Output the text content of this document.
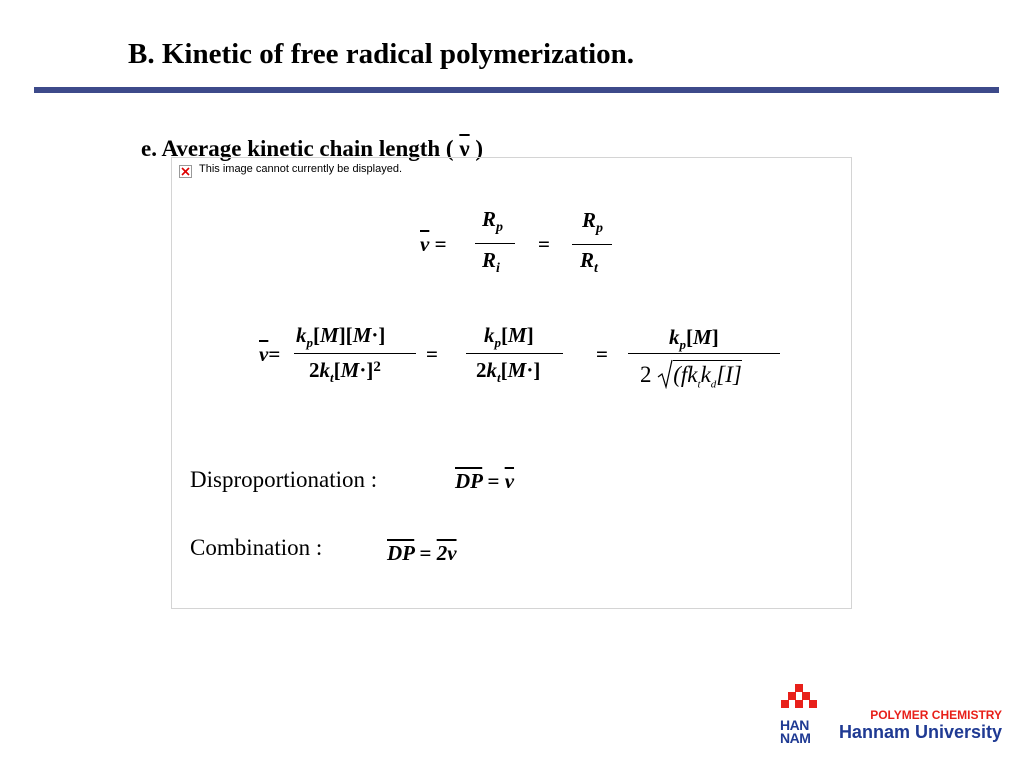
B. Kinetic of free radical polymerization.
e. Average kinetic chain length ( $\overline{\nu}$ )
This image cannot currently be displayed.
$\overline{\nu}$ =
$R_p$
$R_i$
=
$R_p$
$R_t$
$\overline{\nu}=$
$k_p[M][M\cdot]$
$2k_t[M\cdot]^2$
=
$k_p[M]$
$2k_t[M\cdot]$
=
$k_p[M]$
2 ($fk_tk_d[I]$
Disproportionation :	$\overline{DP} = \overline{\nu}$
Combination :	$\overline{DP} = 2\nu$
HAN
NAM
POLYMER CHEMISTRY
Hannam University
